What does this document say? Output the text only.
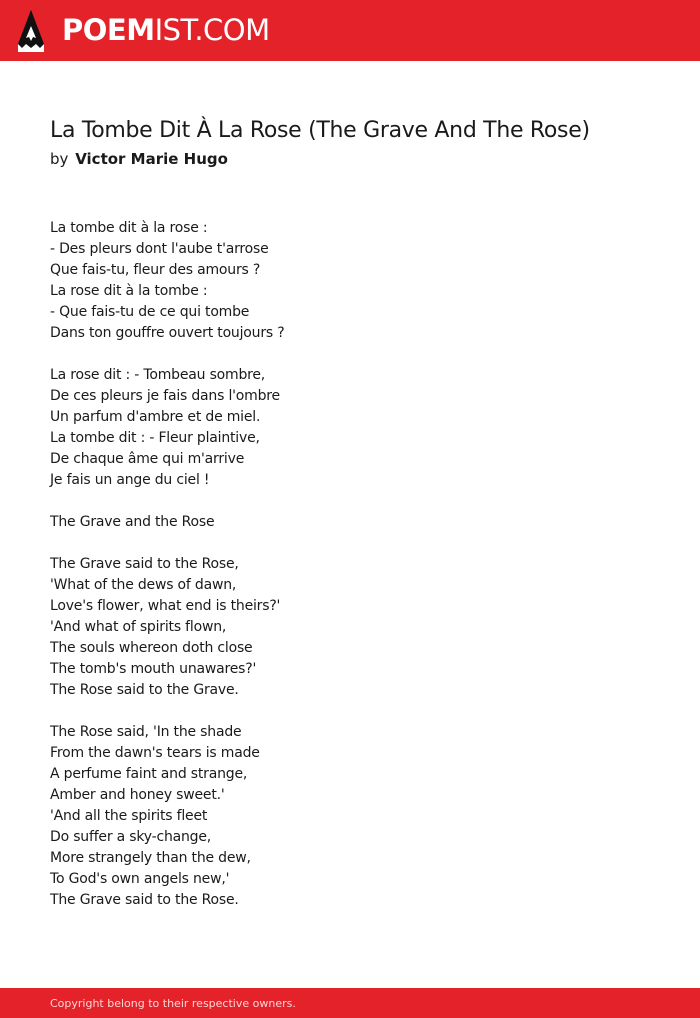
POEMIST.COM
La Tombe Dit À La Rose (The Grave And The Rose)
by Victor Marie Hugo
La tombe dit à la rose :
- Des pleurs dont l'aube t'arrose
Que fais-tu, fleur des amours ?
La rose dit à la tombe :
- Que fais-tu de ce qui tombe
Dans ton gouffre ouvert toujours ?
La rose dit : - Tombeau sombre,
De ces pleurs je fais dans l'ombre
Un parfum d'ambre et de miel.
La tombe dit : - Fleur plaintive,
De chaque âme qui m'arrive
Je fais un ange du ciel !
The Grave and the Rose
The Grave said to the Rose,
'What of the dews of dawn,
Love's flower, what end is theirs?'
'And what of spirits flown,
The souls whereon doth close
The tomb's mouth unawares?'
The Rose said to the Grave.
The Rose said, 'In the shade
From the dawn's tears is made
A perfume faint and strange,
Amber and honey sweet.'
'And all the spirits fleet
Do suffer a sky-change,
More strangely than the dew,
To God's own angels new,'
The Grave said to the Rose.
Copyright belong to their respective owners.
